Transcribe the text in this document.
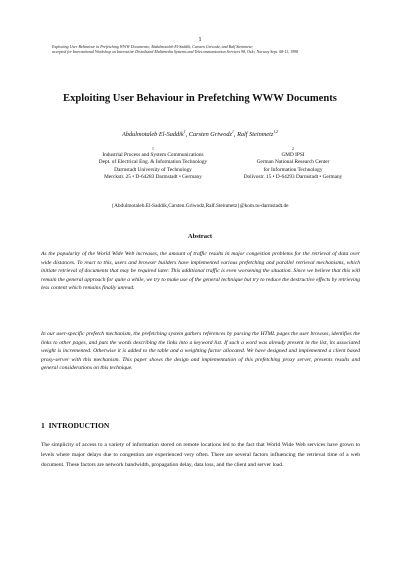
1
Exploiting User Behaviour in Prefetching WWW Documents; Abdulmotaleb El-Saddik, Carsten Griwodz, and Ralf Steinmetz;
accepted for International Workshop on Interactive Distributed Multimedia Systems and Telecommunication Services 98, Oslo, Norway Sept. 08-11, 1998
Exploiting User Behaviour in Prefetching WWW Documents
Abdulmotaleb El-Saddik$^1$, Carsten Griwodz$^1$, Ralf Steinmetz$^{1,2}$
1
Industrial Process and System Communications
Dept. of Electrical Eng. & Information Technology
Darmstadt University of Technology
Merckstr. 25 • D-64283 Darmstadt • Germany
2
GMD IPSI
German National Research Center
for Information Technology
Dolivostr. 15 • D-64293 Darmstadt • Germany
{Abdulmotaleb.El-Saddik,Carsten.Griwodz,Ralf.Steinmetz}@kom.tu-darmstadt.de
Abstract

As the popularity of the World Wide Web increases, the amount of traffic results in major congestion problems for the retrieval of data over wide distances. To react to this, users and browser builders have implemented various prefetching and parallel retrieval mechanisms, which initiate retrieval of documents that may be required later. This additional traffic is even worsening the situation. Since we believe that this will remain the general approach for quite a while, we try to make use of the general technique but try to reduce the destructive effects by retrieving less content which remains finally unread.

In our user-specific prefetch mechanism, the prefetching system gathers references by parsing the HTML pages the user browses, identifies the links to other pages, and puts the words describing the links into a keyword list. If such a word was already present in the list, its associated weight is incremented. Otherwise it is added to the table and a weighting factor allocated. We have designed and implemented a client based proxy-server with this mechanism. This paper shows the design and implementation of this prefetching proxy server, presents results and general considerations on this technique.

1 INTRODUCTION

The simplicity of access to a variety of information stored on remote locations led to the fact that World Wide Web services have grown to levels where major delays due to congestion are experienced very often. There are several factors influencing the retrieval time of a web document. These factors are network bandwidth, propagation delay, data loss, and the client and server load.
